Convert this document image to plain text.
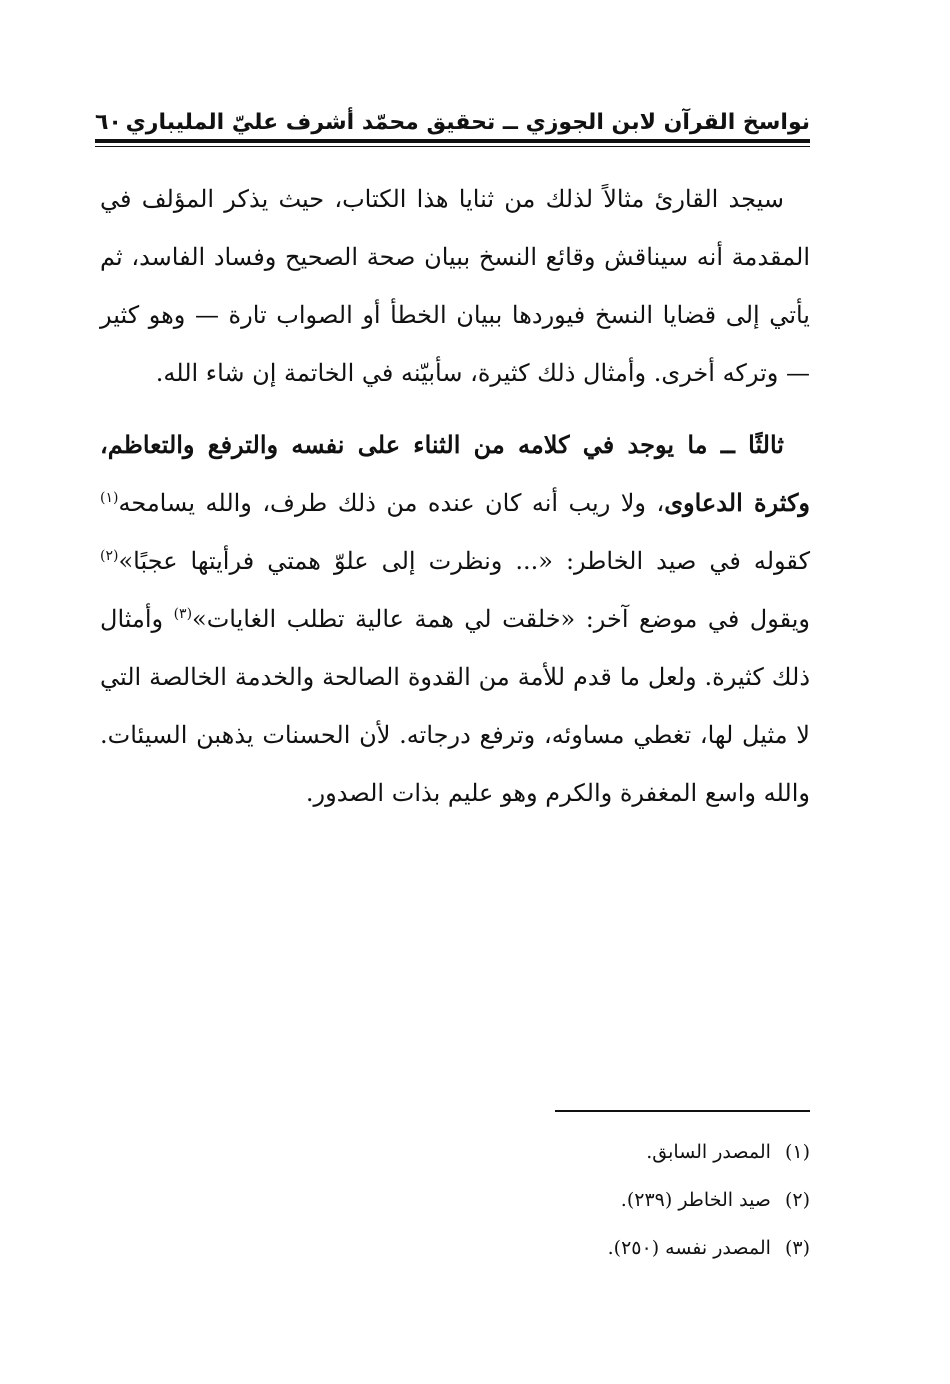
نواسخ القرآن لابن الجوزي ــ تحقيق محمّد أشرف عليّ المليباري
٦٠

سيجد القارئ مثالاً لذلك من ثنايا هذا الكتاب، حيث يذكر المؤلف في المقدمة أنه سيناقش وقائع النسخ ببيان صحة الصحيح وفساد الفاسد، ثم يأتي إلى قضايا النسخ فيوردها ببيان الخطأ أو الصواب تارة — وهو كثير — وتركه أخرى. وأمثال ذلك كثيرة، سأبيّنه في الخاتمة إن شاء الله.

ثالثًا ــ ما يوجد في كلامه من الثناء على نفسه والترفع والتعاظم، وكثرة الدعاوى، ولا ريب أنه كان عنده من ذلك طرف، والله يسامحه$^{(١)}$ كقوله في صيد الخاطر: «... ونظرت إلى علوّ همتي فرأيتها عجبًا»$^{(٢)}$ ويقول في موضع آخر: «خلقت لي همة عالية تطلب الغايات»$^{(٣)}$ وأمثال ذلك كثيرة. ولعل ما قدم للأمة من القدوة الصالحة والخدمة الخالصة التي لا مثيل لها، تغطي مساوئه، وترفع درجاته. لأن الحسنات يذهبن السيئات. والله واسع المغفرة والكرم وهو عليم بذات الصدور.

(١)
المصدر السابق.
(٢)
صيد الخاطر (٢٣٩).
(٣)
المصدر نفسه (٢٥٠).
